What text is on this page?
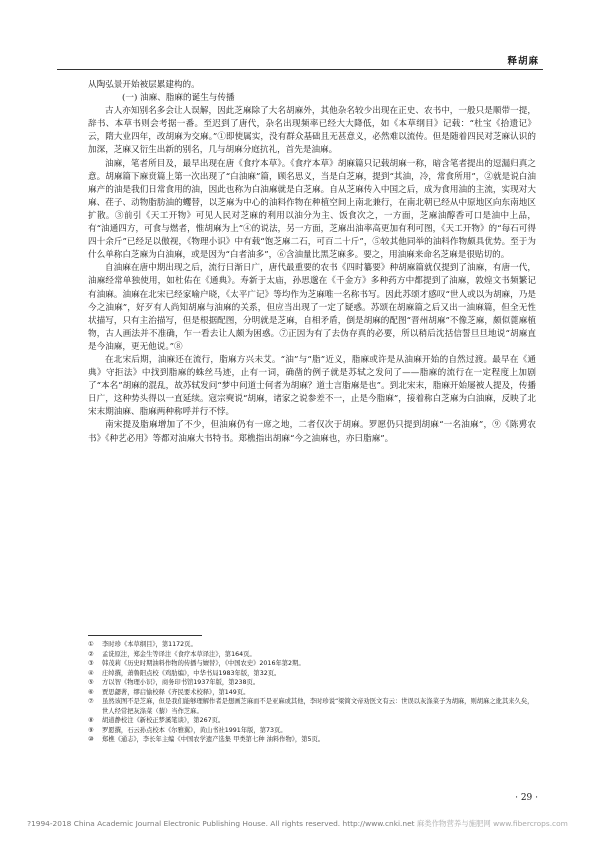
释胡麻

从陶弘景开始被层累建构的。

(一) 油麻、脂麻的诞生与传播

古人亦知别名多会让人误解，因此芝麻除了大名胡麻外，其他杂名较少出现在正史、农书中，一般只是顺带一提，辞书、本草书则会考据一番。至迟到了唐代，杂名出现频率已经大大降低，如《本草纲目》记载：“杜宝《拾遗记》云，隋大业四年，改胡麻为交麻。”①即使属实，没有群众基础且无甚意义，必然难以流传。但是随着四民对芝麻认识的加深，芝麻又衍生出新的别名，几与胡麻分庭抗礼，首先是油麻。

油麻，笔者所目及，最早出现在唐《食疗本草》。《食疗本草》胡麻篇只记载胡麻一称，暗含笔者提出的逗漏归真之意。胡麻篇下麻贲篇上第一次出现了“白油麻”篇，顾名思义，当是白芝麻，提到“其油，冷，常食所用”，②就是说白油麻产的油是我们日常食用的油，因此也称为白油麻就是白芝麻。自从芝麻传入中国之后，成为食用油的主流，实现对大麻、荏子、动物脂肪油的蠼替，以芝麻为中心的油料作物在种植空间上南北兼行，在南北朝已经从中原地区向东南地区扩散。③前引《天工开物》可见人民对芝麻的利用以油分为主、饭食次之，一方面，芝麻油醇香可口是油中上品，有“油通四方，可食与燃者，惟胡麻为上”④的说法，另一方面，芝麻出油率高更加有利可图，《天工开物》的“每石可得四十余斤”已经足以傲视，《物理小识》中有载“饱芝麻二石，可百二十斤”，⑤较其他同举的油料作物颇具优势。至于为什么单称白芝麻为白油麻，或是因为“白者油多”，⑥含油量比黑芝麻多。要之，用油麻来命名芝麻是很贴切的。

自油麻在唐中期出现之后，流行日渐日广，唐代最重要的农书《四时纂要》种胡麻篇就仅提到了油麻，有唐一代，油麻经常单独使用，如杜佑在《通典》。寿新于太庙，孙思邈在《千金方》多种药方中都提到了油麻，敦煌文书频繁记有油麻。油麻在北宋已经家喻户晓，《太平广记》等均作为芝麻唯一名称书写。因此苏颂才感叹“世人或以为胡麻，乃是今之油麻”，好歹有人尚知胡麻与油麻的关系，但应当出现了一定了疑惑。苏颂在胡麻篇之后又出一油麻篇，但全无性状描写，只有主治描写，但是根据配图，分明就是芝麻，自相矛盾，倒是胡麻的配图“晋州胡麻”不像芝麻，颇似蓖麻植物，古人画法并不准确，乍一看去让人颇为困惑。⑦正因为有了去伪存真的必要，所以稍后沈括信誓旦旦地说“胡麻直是今油麻，更无他说。”⑧

在北宋后期，油麻还在流行，脂麻方兴未艾。“油”与“脂”近义，脂麻或许是从油麻开始的自然过渡。最早在《通典》守拒法》中找到脂麻的蛛丝马迹，止有一词，确凿的例子就是苏轼之发问了——脂麻的流行在一定程度上加剧了“本名”胡麻的混乱，故苏轼发问“梦中问道士何者为胡麻？道士言脂麻是也”。到北宋末，脂麻开始屡被人提及，传播日广，这种势头得以一直延续。寇宗奭说“胡麻，诸家之说参差不一，止是今脂麻”，接着称白芝麻为白油麻，反映了北宋末期油麻、脂麻两种称呼并行不悖。

南宋提及脂麻增加了不少，但油麻仍有一席之地，二者仅次于胡麻。罗愿仍只提到胡麻“一名油麻”，⑨《陈旉农书》《种艺必用》等都对油麻大书特书。郑樵指出胡麻“今之油麻也，亦曰脂麻”。

①	李时珍《本草纲目》，第1172页。
②	孟诜原注，郑金生等译注《食疗本草译注》，第164页。
③	韩茂莉《历史时期油料作物的传播与嬗替》，《中国农史》2016年第2期。
④	庄绰撰，萧鲁阳点校《鸡肋编》，中华书局1983年版，第32页。
⑤	方以智《物理小识》，商务印书馆1937年版，第238页。
⑥	贾思勰著，缪启愉校释《齐民要术校释》，第149页。
⑦	虽然该图不是芝麻，但是我们能够理解作者是想画芝麻而不是亚麻或其他，李时珍说“梁简文帝劝医文有云：世误以灰涤菜子为胡麻，则胡麻之讹其来久矣，世人经常把灰涤菜（藜）当作芝麻。
⑧	胡道静校注《新校正梦溪笔谈》，第267页。
⑨	罗愿撰，石云孙点校本《尔雅翼》，黄山书社1991年版，第73页。
⑩	郑樵《通志》，李长年主编《中国农学遗产选集 甲类第七种 油料作物》，第5页。
· 29 ·
?1994-2018 China Academic Journal Electronic Publishing House. All rights reserved. http://www.cnki.net 麻类作物营养与施肥网 www.fibercrops.com
